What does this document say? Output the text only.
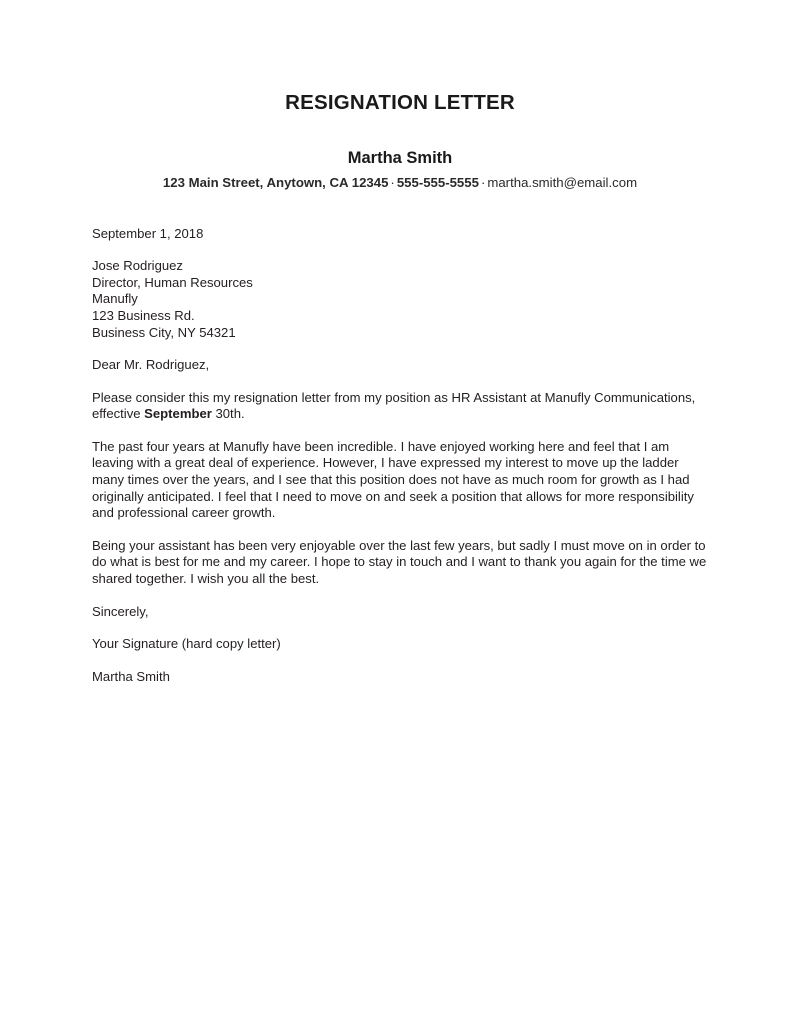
RESIGNATION LETTER
Martha Smith
123 Main Street, Anytown, CA 12345 · 555-555-5555 · martha.smith@email.com
September 1, 2018
Jose Rodriguez
Director, Human Resources
Manufly
123 Business Rd.
Business City, NY 54321
Dear Mr. Rodriguez,

Please consider this my resignation letter from my position as HR Assistant at Manufly Communications, effective September 30th.

The past four years at Manufly have been incredible. I have enjoyed working here and feel that I am leaving with a great deal of experience. However, I have expressed my interest to move up the ladder many times over the years, and I see that this position does not have as much room for growth as I had originally anticipated. I feel that I need to move on and seek a position that allows for more responsibility and professional career growth.

Being your assistant has been very enjoyable over the last few years, but sadly I must move on in order to do what is best for me and my career. I hope to stay in touch and I want to thank you again for the time we shared together. I wish you all the best.

Sincerely,
Your Signature (hard copy letter)
Martha Smith
